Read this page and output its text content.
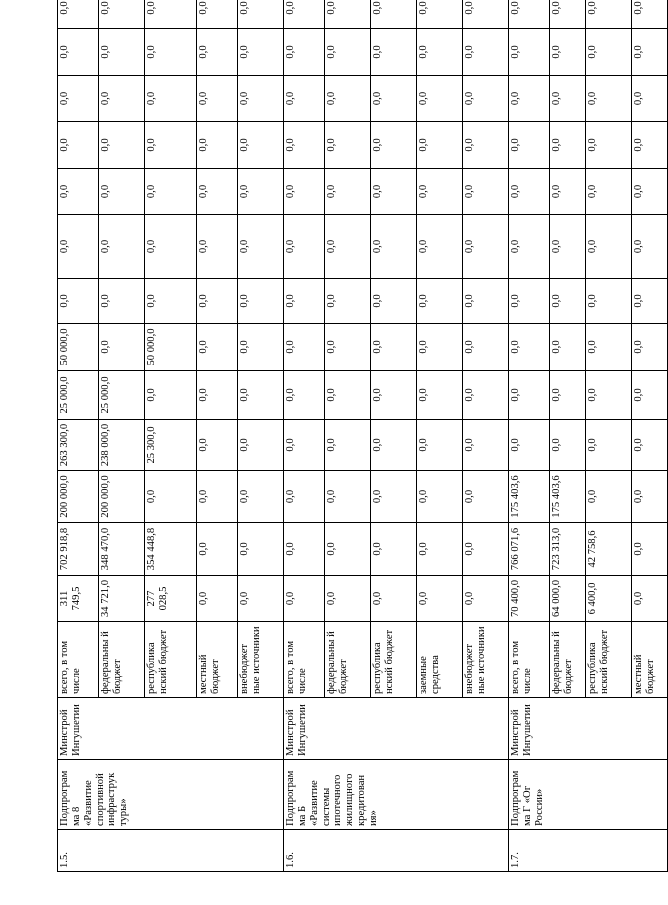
1.5.	Подпрограм ма 8 «Развитие спортивной инфраструк туры»	Минстрой Ингушетии	всего, в том числе	311 749,5	702 918,8	200 000,0	263 300,0	25 000,0	50 000,0	0,0	0,0	0,0	0,0	0,0	0,0	0,0
			федеральны й бюджет	34 721,0	348 470,0	200 000,0	238 000,0	25 000,0	0,0	0,0	0,0	0,0	0,0	0,0	0,0	0,0
			республика нский бюджет	277 028,5	354 448,8	0,0	25 300,0	0,0	50 000,0	0,0	0,0	0,0	0,0	0,0	0,0	0,0
			местный бюджет	0,0	0,0	0,0	0,0	0,0	0,0	0,0	0,0	0,0	0,0	0,0	0,0	0,0
			внебюджет ные источники	0,0	0,0	0,0	0,0	0,0	0,0	0,0	0,0	0,0	0,0	0,0	0,0	0,0
1.6.	Подпрограм ма Б «Развитие системы ипотечного жилищного кредитован ия»	Минстрой Ингушетии	всего, в том числе	0,0	0,0	0,0	0,0	0,0	0,0	0,0	0,0	0,0	0,0	0,0	0,0	0,0
			федеральны й бюджет	0,0	0,0	0,0	0,0	0,0	0,0	0,0	0,0	0,0	0,0	0,0	0,0	0,0
			республика нский бюджет	0,0	0,0	0,0	0,0	0,0	0,0	0,0	0,0	0,0	0,0	0,0	0,0	0,0
			заемные средства	0,0	0,0	0,0	0,0	0,0	0,0	0,0	0,0	0,0	0,0	0,0	0,0	0,0
			внебюджет ные источники	0,0	0,0	0,0	0,0	0,0	0,0	0,0	0,0	0,0	0,0	0,0	0,0	0,0
1.7.	Подпрограм ма Г «Ог России»	Минстрой Ингушетии	всего, в том числе	70 400,0	766 071,6	175 403,6	0,0	0,0	0,0	0,0	0,0	0,0	0,0	0,0	0,0	0,0
			федеральны й бюджет	64 000,0	723 313,0	175 403,6	0,0	0,0	0,0	0,0	0,0	0,0	0,0	0,0	0,0	0,0
			республика нский бюджет	6 400,0	42 758,6	0,0	0,0	0,0	0,0	0,0	0,0	0,0	0,0	0,0	0,0	0,0
			местный бюджет	0,0	0,0	0,0	0,0	0,0	0,0	0,0	0,0	0,0	0,0	0,0	0,0	0,0
